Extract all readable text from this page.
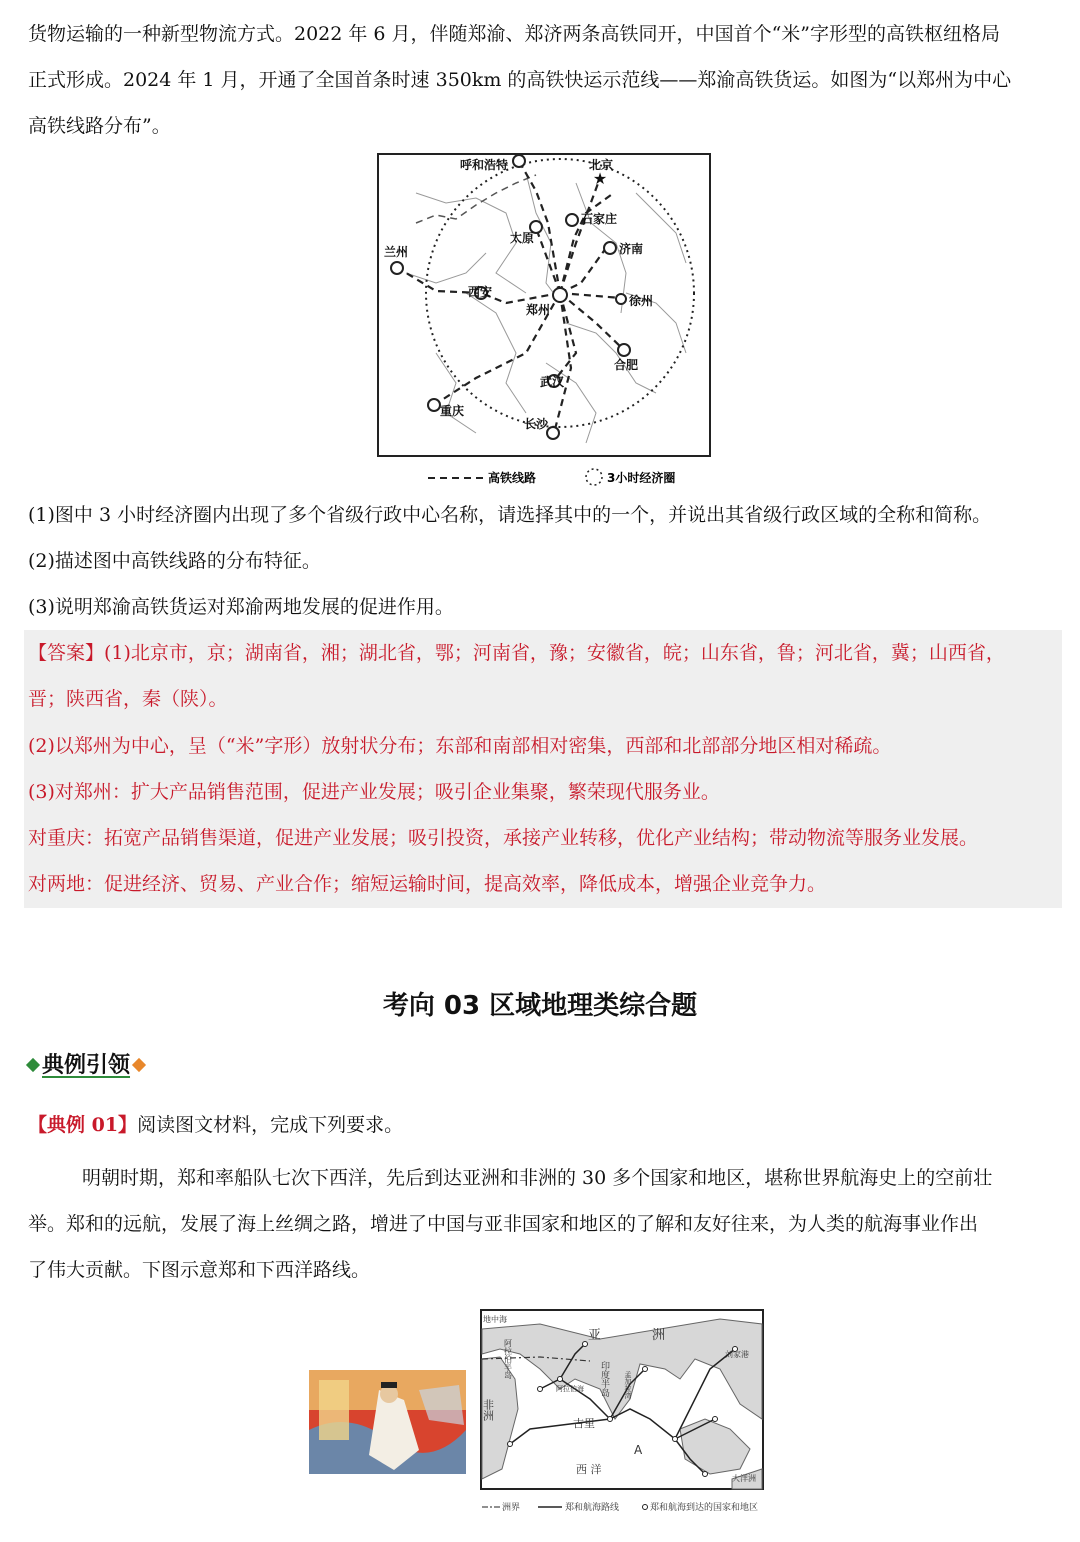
货物运输的一种新型物流方式。2022 年 6 月，伴随郑渝、郑济两条高铁同开，中国首个“米”字形型的高铁枢纽格局
正式形成。2024 年 1 月，开通了全国首条时速 350km 的高铁快运示范线——郑渝高铁货运。如图为“以郑州为中心
高铁线路分布”。
★
呼和浩特	北京
石家庄
太原
济南
兰州
西安
郑州
徐州
合肥
武汉
重庆
长沙
高铁线路	3小时经济圈
(1)图中 3 小时经济圈内出现了多个省级行政中心名称，请选择其中的一个，并说出其省级行政区域的全称和简称。
(2)描述图中高铁线路的分布特征。
(3)说明郑渝高铁货运对郑渝两地发展的促进作用。
【答案】(1)北京市，京；湖南省，湘；湖北省，鄂；河南省，豫；安徽省，皖；山东省，鲁；河北省，冀；山西省，
晋；陕西省，秦（陕）。
(2)以郑州为中心，呈（“米”字形）放射状分布；东部和南部相对密集，西部和北部部分地区相对稀疏。
(3)对郑州：扩大产品销售范围，促进产业发展；吸引企业集聚，繁荣现代服务业。
对重庆：拓宽产品销售渠道，促进产业发展；吸引投资，承接产业转移，优化产业结构；带动物流等服务业发展。
对两地：促进经济、贸易、产业合作；缩短运输时间，提高效率，降低成本，增强企业竞争力。
考向 03 区域地理类综合题
典例引领
【典例 01】阅读图文材料，完成下列要求。
明朝时期，郑和率船队七次下西洋，先后到达亚洲和非洲的 30 多个国家和地区，堪称世界航海史上的空前壮
举。郑和的远航，发展了海上丝绸之路，增进了中国与亚非国家和地区的了解和友好往来，为人类的航海事业作出
了伟大贡献。下图示意郑和下西洋路线。
地中海
亚	洲
刘家港
阿拉伯半岛	印度半岛
非洲
阿拉伯海	孟加拉湾
古里
A
西 洋
大洋洲
洲界	郑和航海路线	郑和航海到达的国家和地区
